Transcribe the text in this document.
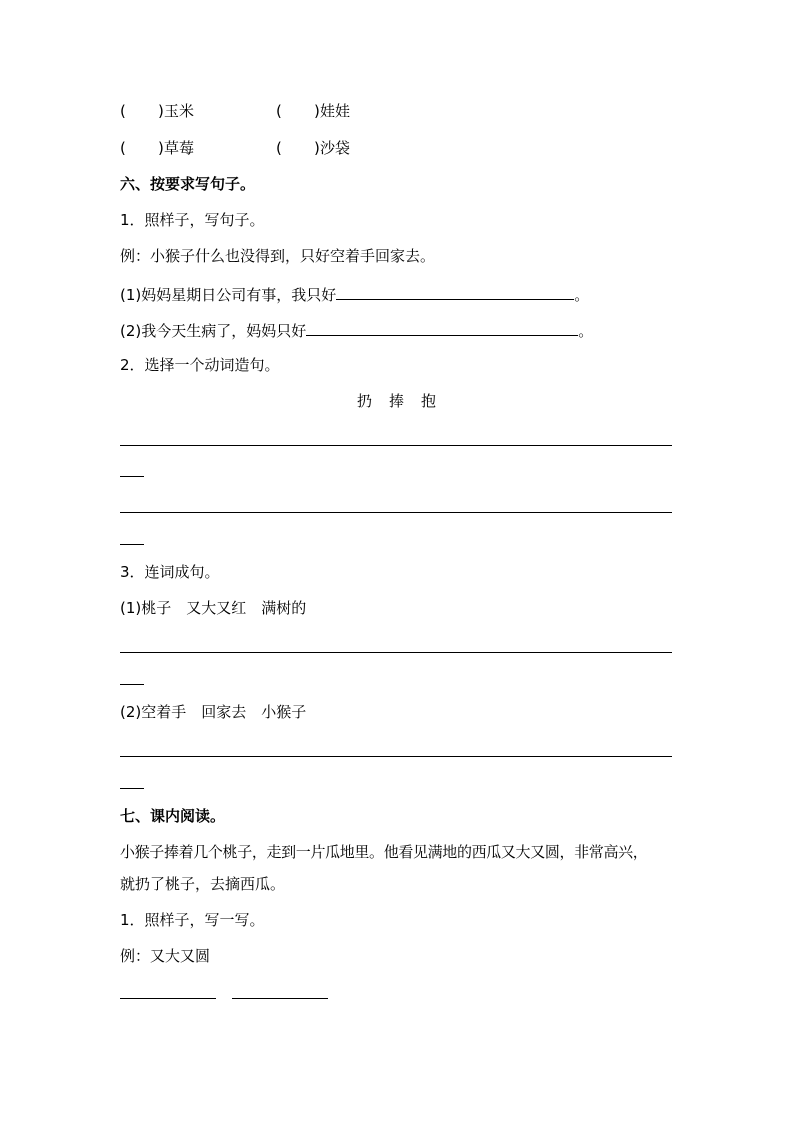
( ) 玉米	( ) 娃娃
( ) 草莓	( ) 沙袋
六、按要求写句子。
1．照样子，写句子。
例：小猴子什么也没得到，只好空着手回家去。
(1)妈妈星期日公司有事，我只好	。
(2)我今天生病了，妈妈只好	。
2．选择一个动词造句。
扔 捧 抱
3．连词成句。
(1)桃子　又大又红　满树的
(2)空着手　回家去　小猴子
七、课内阅读。
小猴子捧着几个桃子，走到一片瓜地里。他看见满地的西瓜又大又圆，非常高兴，
就扔了桃子，去摘西瓜。
1．照样子，写一写。
例：又大又圆
